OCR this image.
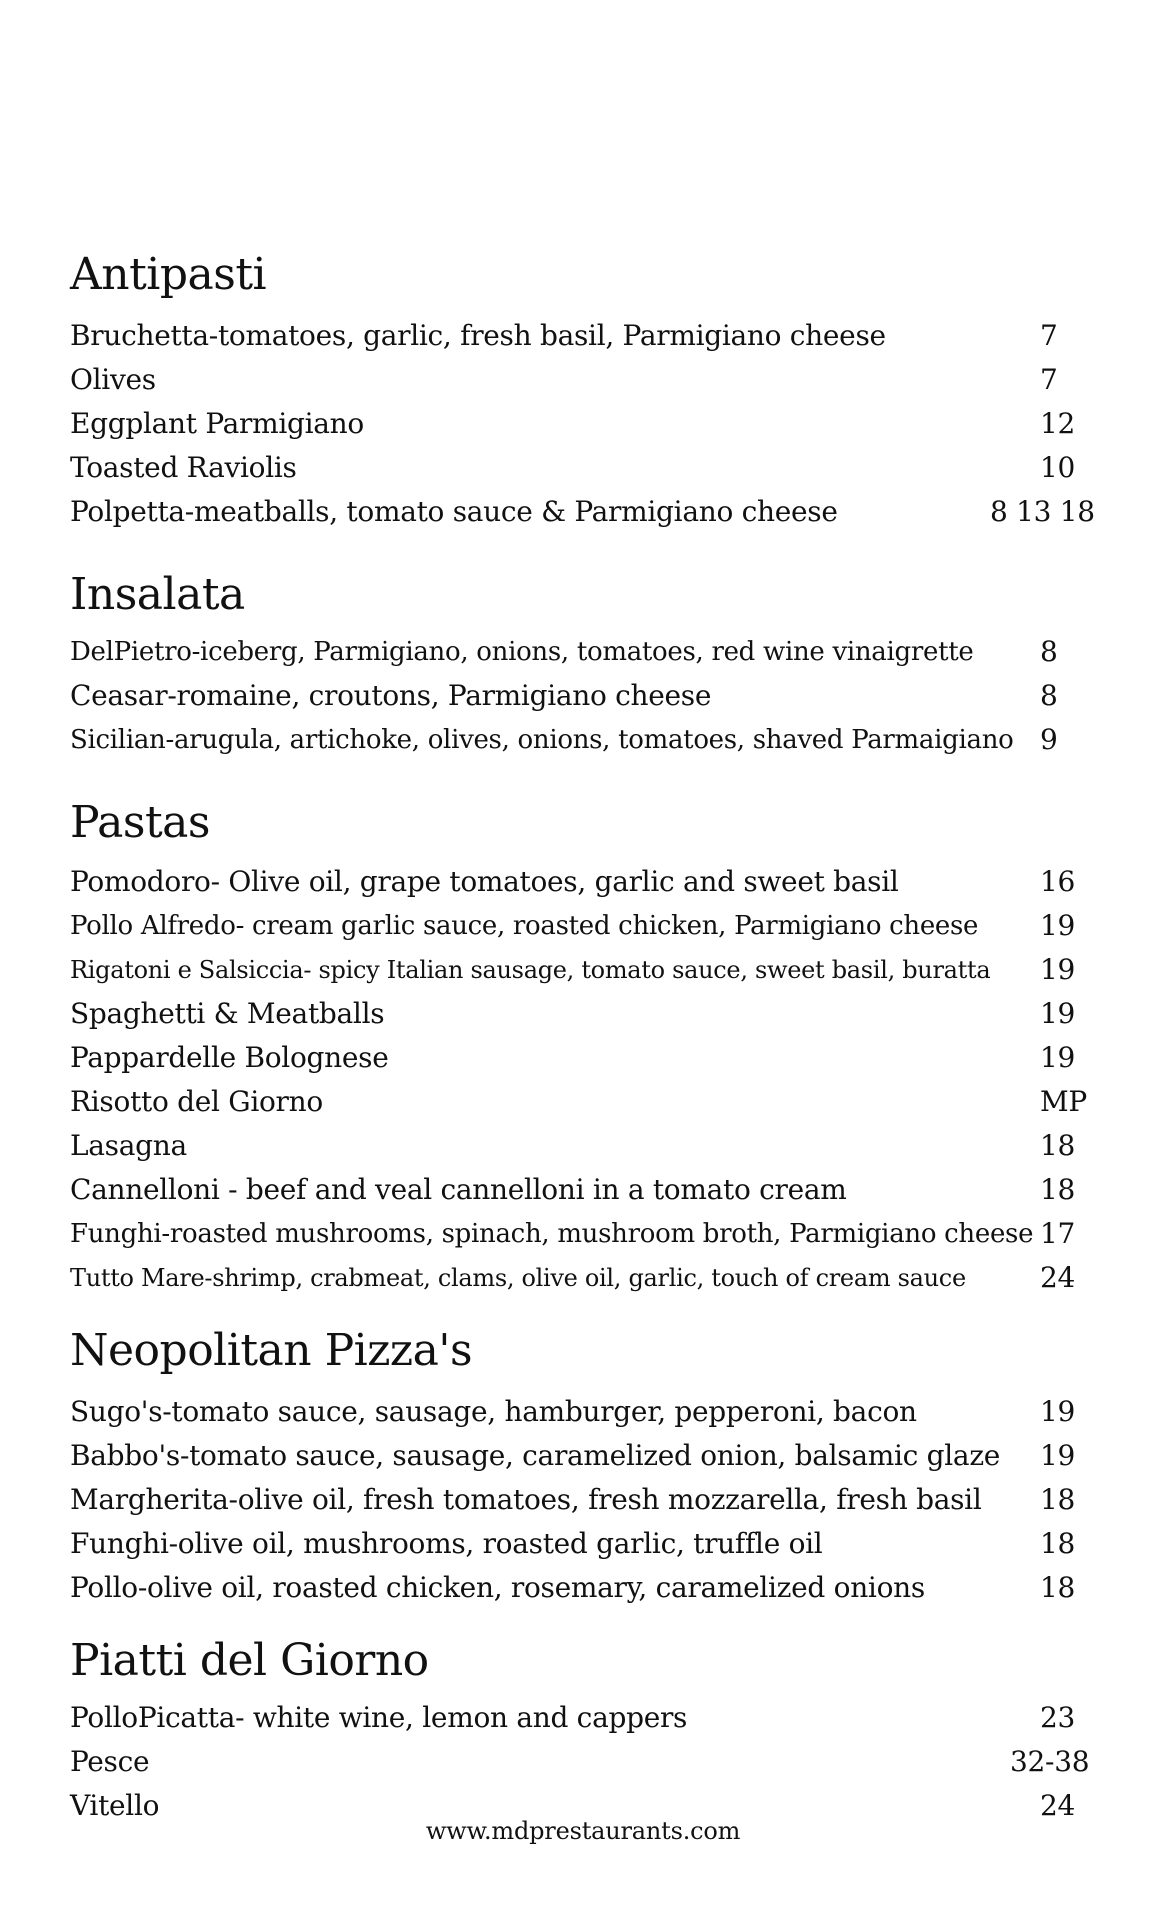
Antipasti
Bruchetta-tomatoes, garlic, fresh basil, Parmigiano cheese	7
Olives	7
Eggplant Parmigiano	12
Toasted Raviolis	10
Polpetta-meatballs, tomato sauce & Parmigiano cheese	8 13 18
Insalata
DelPietro-iceberg, Parmigiano, onions, tomatoes, red wine vinaigrette 8
Ceasar-romaine, croutons, Parmigiano cheese	8
Sicilian-arugula, artichoke, olives, onions, tomatoes, shaved Parmaigiano 9
Pastas
Pomodoro- Olive oil, grape tomatoes, garlic and sweet basil	16
Pollo Alfredo- cream garlic sauce, roasted chicken, Parmigiano cheese 19
Rigatoni e Salsiccia- spicy Italian sausage, tomato sauce, sweet basil, buratta 19
Spaghetti & Meatballs	19
Pappardelle Bolognese	19
Risotto del Giorno	MP
Lasagna	18
Cannelloni - beef and veal cannelloni in a tomato cream	18
Funghi-roasted mushrooms, spinach, mushroom broth, Parmigiano cheese 17
Tutto Mare-shrimp, crabmeat, clams, olive oil, garlic, touch of cream sauce	24
Neopolitan Pizza's
Sugo's-tomato sauce, sausage, hamburger, pepperoni, bacon	19
Babbo's-tomato sauce, sausage, caramelized onion, balsamic glaze 19
Margherita-olive oil, fresh tomatoes, fresh mozzarella, fresh basil 18
Funghi-olive oil, mushrooms, roasted garlic, truffle oil	18
Pollo-olive oil, roasted chicken, rosemary, caramelized onions	18
Piatti del Giorno
PolloPicatta- white wine, lemon and cappers	23
Pesce	32-38
Vitello	24
www.mdprestaurants.com
